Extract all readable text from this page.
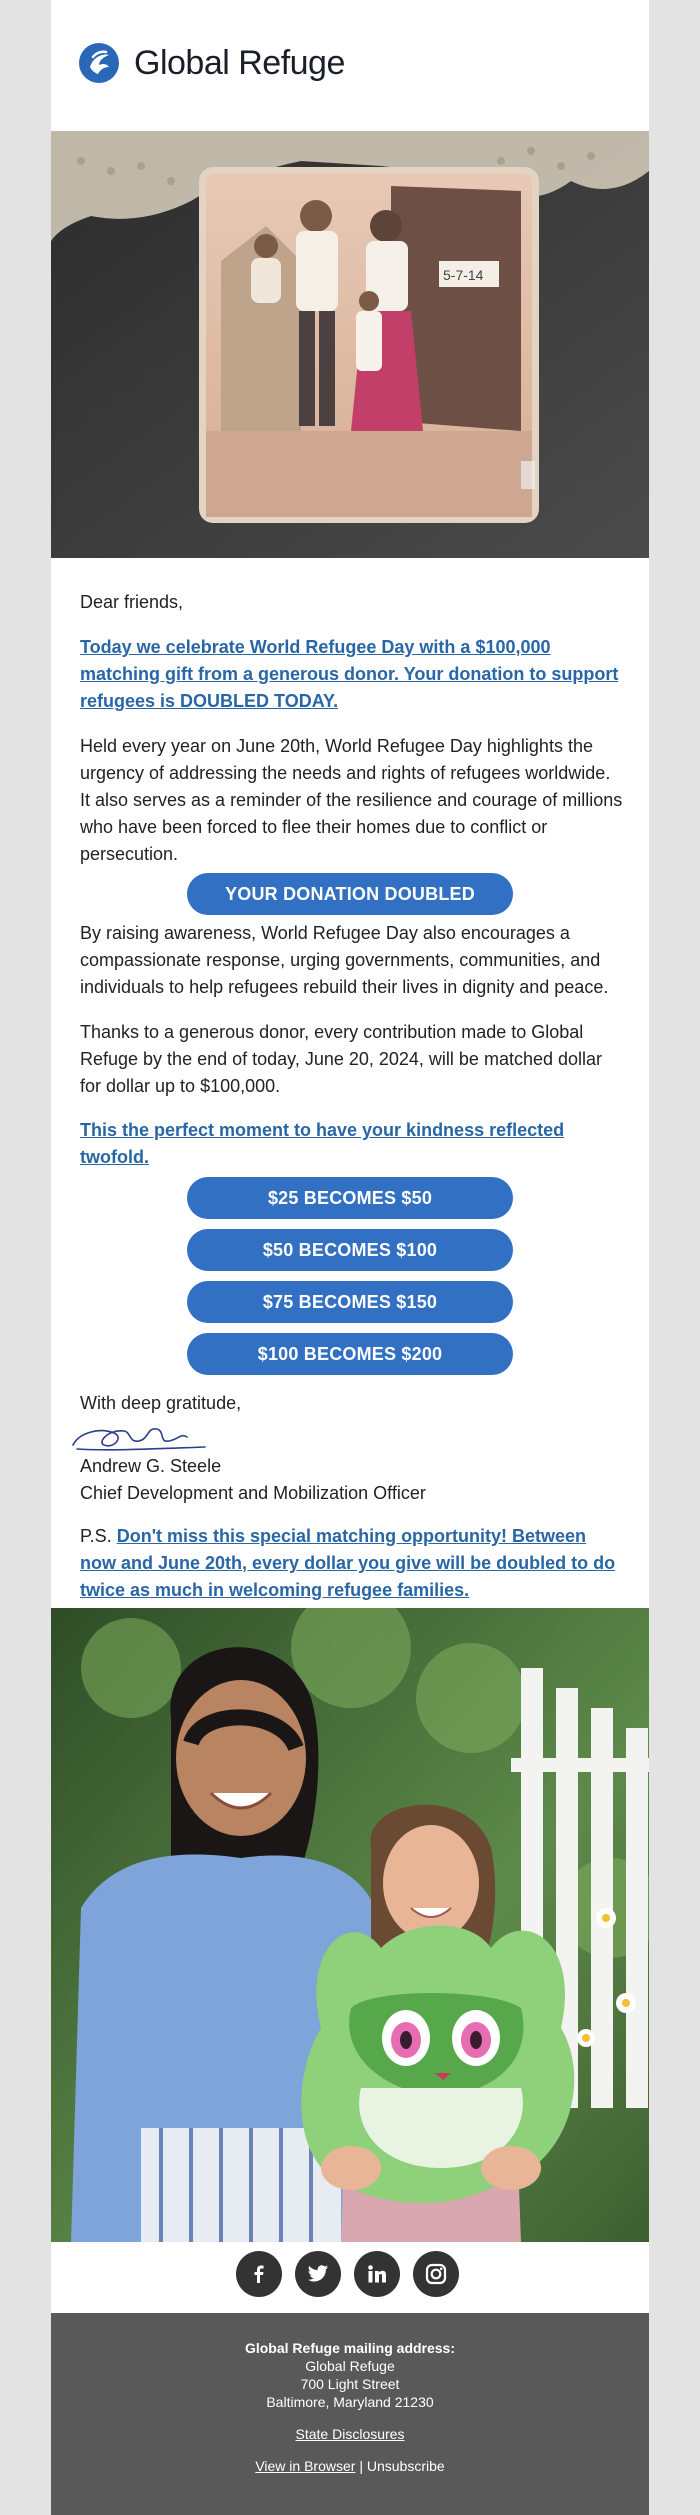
Global Refuge
5-7-14
Dear friends,
Today we celebrate World Refugee Day with a $100,000 matching gift from a generous donor. Your donation to support refugees is DOUBLED TODAY.
Held every year on June 20th, World Refugee Day highlights the urgency of addressing the needs and rights of refugees worldwide. It also serves as a reminder of the resilience and courage of millions who have been forced to flee their homes due to conflict or persecution.
YOUR DONATION DOUBLED
By raising awareness, World Refugee Day also encourages a compassionate response, urging governments, communities, and individuals to help refugees rebuild their lives in dignity and peace.
Thanks to a generous donor, every contribution made to Global Refuge by the end of today, June 20, 2024, will be matched dollar for dollar up to $100,000.
This the perfect moment to have your kindness reflected twofold.
$25 BECOMES $50
$50 BECOMES $100
$75 BECOMES $150
$100 BECOMES $200
With deep gratitude,
Andrew G. Steele
Chief Development and Mobilization Officer
P.S. Don't miss this special matching opportunity! Between now and June 20th, every dollar you give will be doubled to do twice as much in welcoming refugee families.
Global Refuge mailing address:
Global Refuge
700 Light Street
Baltimore, Maryland 21230
State Disclosures
View in Browser | Unsubscribe
